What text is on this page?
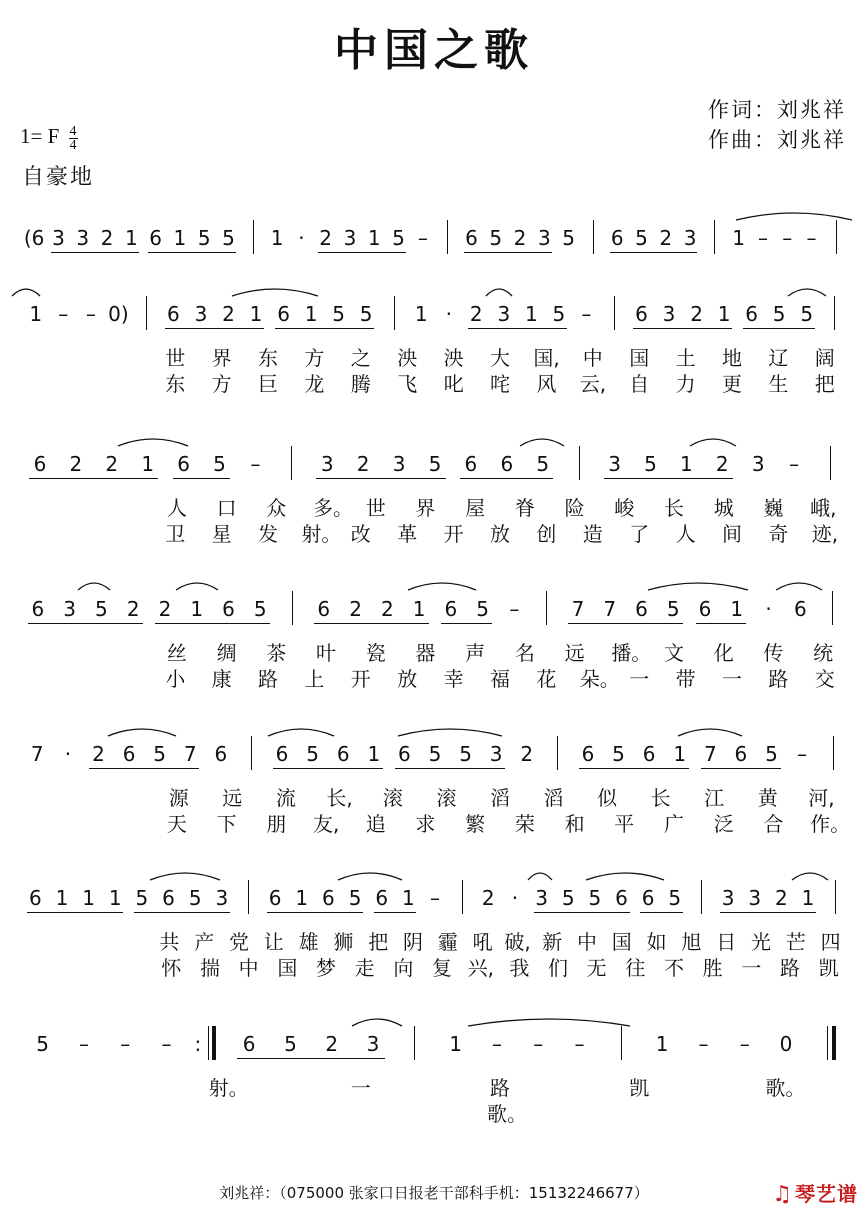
中国之歌
作词：刘兆祥
作曲：刘兆祥
1= F $\frac{4}{4}$
自豪地
(6 3 3 2 1 6 1 5 5 1 · 2 3 1 5 –	6 5 2 3 5 6 5 2 3 1 – – –
1 – – 0) 6 3 2 1 6 1 5 5 1 · 2 3 1 5 –	6 3 2 1 6 5 5
世 界 东 方 之 泱 泱 大 国, 中 国 土 地 辽 阔
东 方 巨 龙 腾 飞 叱 咤 风 云, 自 力 更 生 把
6 2 2 1 6 5	–	3 2 3 5 6 6 5	3 5 1 2 3	–
人 口 众 多。 世 界 屋 脊 险 峻 长 城 巍 峨,
卫 星 发 射。 改 革 开 放 创 造 了 人 间 奇 迹,
6 3 5 2 2 1 6 5	6 2 2 1 6 5	–	7 7 6 5 6 1	·	6
丝 绸 茶 叶 瓷 器 声 名 远 播。 文 化 传 统
小 康 路 上 开 放 幸 福 花 朵。 一 带 一 路 交
7	·	2 6 5 7 6 6 5 6 1 6 5 5 3 2 6 5 6 1 7 6 5 –
源 远 流 长, 滚 滚 滔 滔 似 长 江 黄 河,
天 下 朋 友, 追 求 繁 荣 和 平 广 泛 合 作。
6 1 1 1 5 6 5 3 6 1 6 5 6 1 –	2 · 3 5 5 6 6 5 3 3 2 1
共 产 党 让 雄 狮 把 阴 霾 吼 破, 新 中 国 如 旭 日 光 芒 四
怀 揣 中 国 梦 走 向 复 兴, 我 们 无 往 不 胜 一 路 凯
5	–	–	–	: 6 5 2 3	1	–	–	–	1	–	–	0
射。	一	路	凯	歌。
歌。
刘兆祥：（075000 张家口日报老干部科手机：15132246677）	♫ 琴艺谱
